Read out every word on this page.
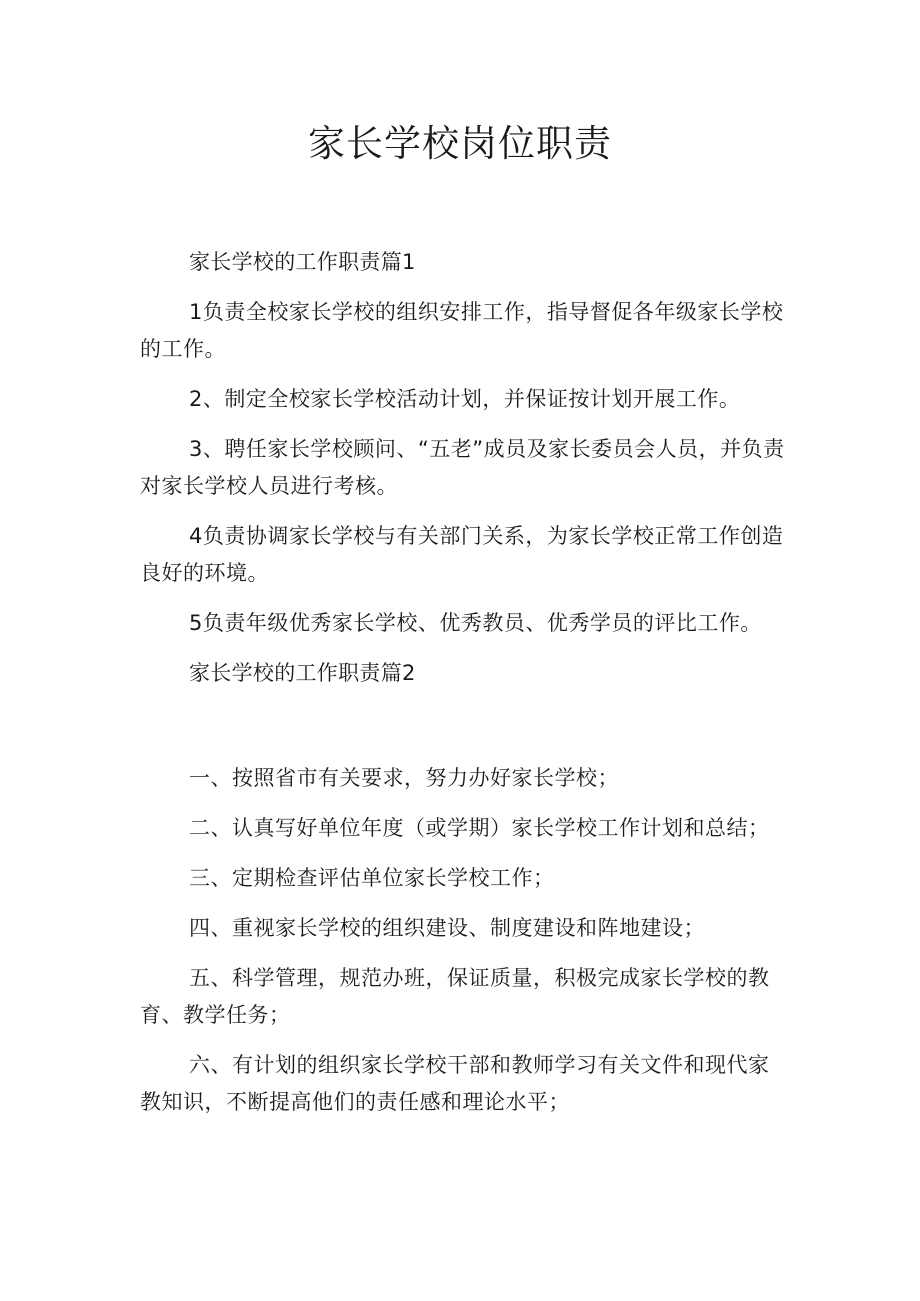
家长学校岗位职责

家长学校的工作职责篇1

1负责全校家长学校的组织安排工作，指导督促各年级家长学校的工作。

2、制定全校家长学校活动计划，并保证按计划开展工作。

3、聘任家长学校顾问、“五老”成员及家长委员会人员，并负责对家长学校人员进行考核。

4负责协调家长学校与有关部门关系，为家长学校正常工作创造良好的环境。

5负责年级优秀家长学校、优秀教员、优秀学员的评比工作。

家长学校的工作职责篇2

一、按照省市有关要求，努力办好家长学校；

二、认真写好单位年度（或学期）家长学校工作计划和总结；

三、定期检查评估单位家长学校工作；

四、重视家长学校的组织建设、制度建设和阵地建设；

五、科学管理，规范办班，保证质量，积极完成家长学校的教育、教学任务；

六、有计划的组织家长学校干部和教师学习有关文件和现代家教知识，不断提高他们的责任感和理论水平；
